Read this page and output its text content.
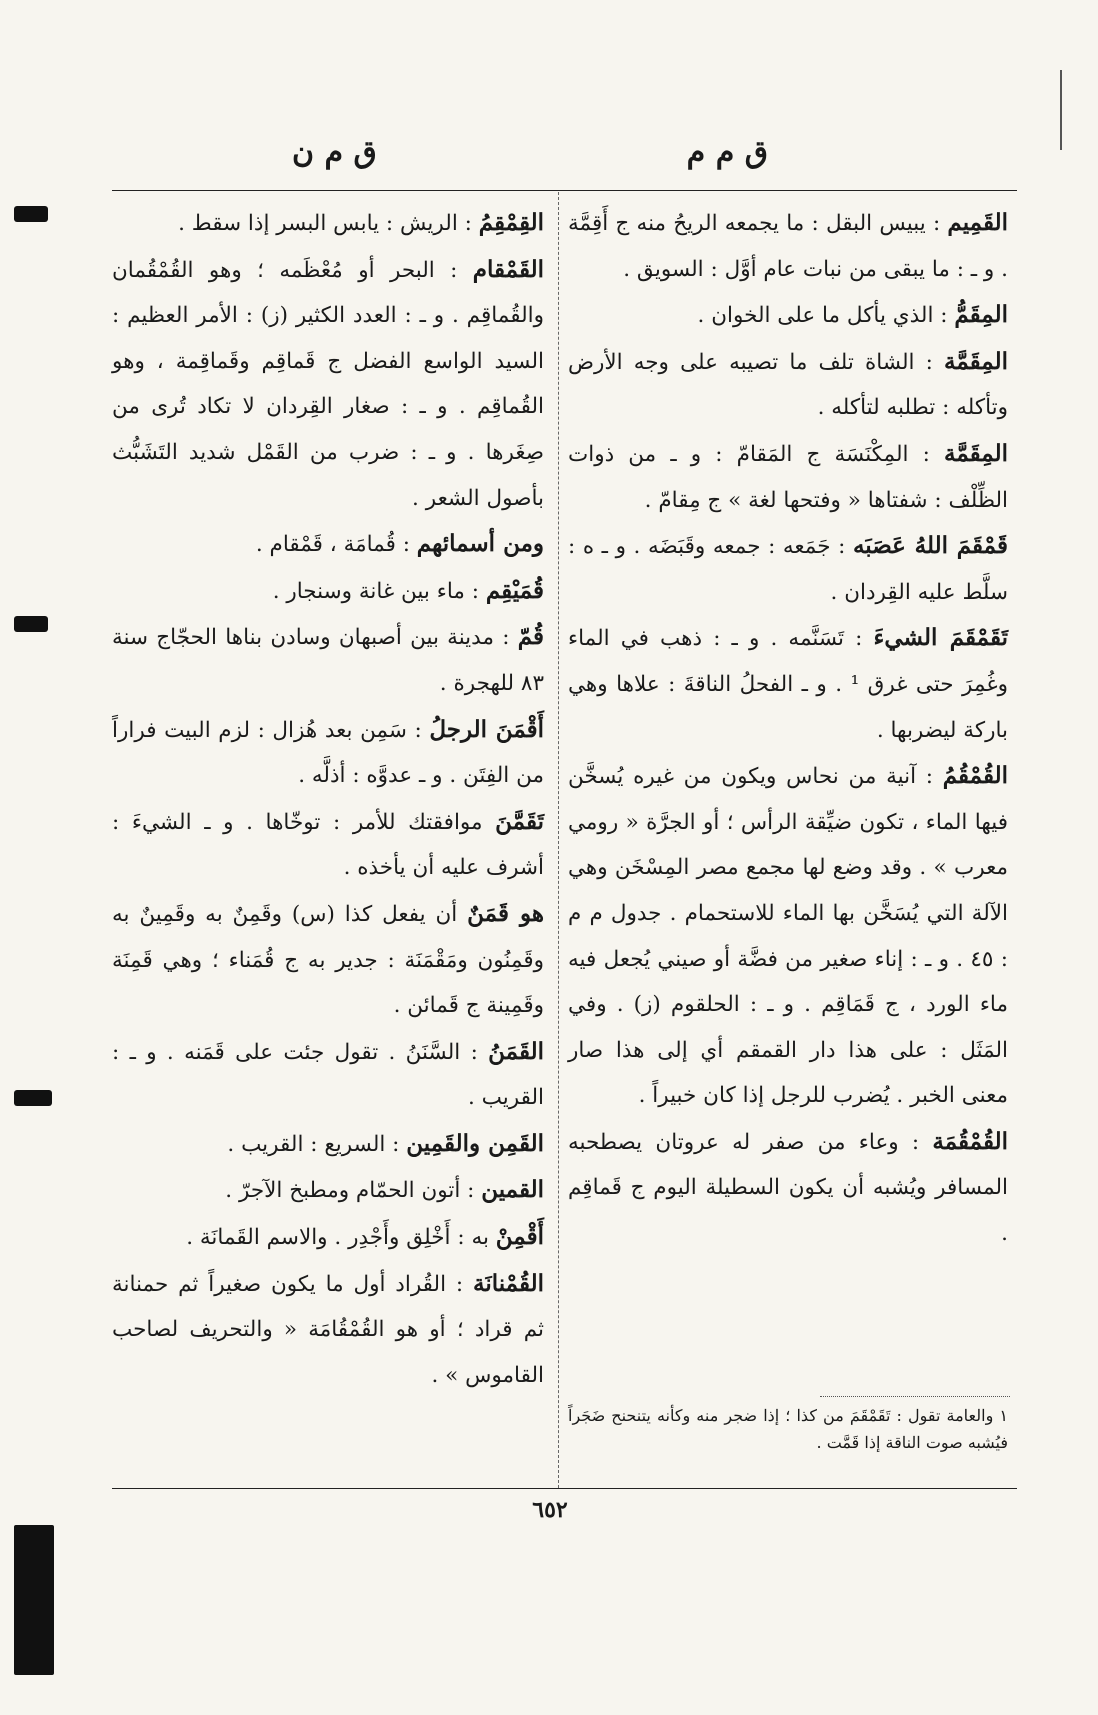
ق م م
ق م ن

القَمِيم : يبيس البقل : ما يجمعه الريحُ منه ج أَقِمَّة . و ـ : ما يبقى من نبات عام أوَّل : السويق .

المِقَمُّ : الذي يأكل ما على الخوان .

المِقَمَّة : الشاة تلف ما تصيبه على وجه الأرض وتأكله : تطلبه لتأكله .

المِقَمَّة : المِكْنَسَة ج المَقامّ : و ـ من ذوات الظِّلْف : شفتاها « وفتحها لغة » ج مِقامّ .

قَمْقَمَ اللهُ عَصَبَه : جَمَعه : جمعه وقَبَضَه . و ـ ه : سلَّط عليه القِردان .

تَقَمْقَمَ الشيءَ : تَسَنَّمه . و ـ : ذهب في الماء وغُمِرَ حتى غرق ¹ . و ـ الفحلُ الناقةَ : علاها وهي باركة ليضربها .

القُمْقُمُ : آنية من نحاس ويكون من غيره يُسخَّن فيها الماء ، تكون ضيِّقة الرأس ؛ أو الجرَّة « رومي معرب » . وقد وضع لها مجمع مصر المِسْخَن وهي الآلة التي يُسَخَّن بها الماء للاستحمام . جدول م م : ٤٥ . و ـ : إناء صغير من فضَّة أو صيني يُجعل فيه ماء الورد ، ج قَمَاقِم . و ـ : الحلقوم (ز) . وفي المَثَل : على هذا دار القمقم أي إلى هذا صار معنى الخبر . يُضرب للرجل إذا كان خبيراً .

القُمْقُمَة : وعاء من صفر له عروتان يصطحبه المسافر ويُشبه أن يكون السطيلة اليوم ج قَماقِم .

القِمْقِمُ : الريش : يابس البسر إذا سقط .

القَمْقام : البحر أو مُعْظَمه ؛ وهو القُمْقُمان والقُماقِم . و ـ : العدد الكثير (ز) : الأمر العظيم : السيد الواسع الفضل ج قَماقِم وقَماقِمة ، وهو القُماقِم . و ـ : صغار القِردان لا تكاد تُرى من صِغَرها . و ـ : ضرب من القَمْل شديد التَشَبُّث بأصول الشعر .

ومن أسمائهم : قُمامَة ، قَمْقام .

قُمَيْقِم : ماء بين غانة وسنجار .

قُمّ : مدينة بين أصبهان وسادن بناها الحجّاج سنة ٨٣ للهجرة .

أَقْمَنَ الرجلُ : سَمِن بعد هُزال : لزم البيت فراراً من الفِتَن . و ـ عدوَّه : أذلَّه .

تَقَمَّنَ موافقتك للأمر : توخّاها . و ـ الشيءَ : أشرف عليه أن يأخذه .

هو قَمَنٌ أن يفعل كذا (س) وقَمِنٌ به وقَمِينٌ به وقَمِنُون ومَقْمَنَة : جدير به ج قُمَناء ؛ وهي قَمِنَة وقَمِينة ج قَمائن .

القَمَنُ : السَّنَنُ . تقول جئت على قَمَنه . و ـ : القريب .

القَمِن والقَمِين : السريع : القريب .

القمين : أتون الحمّام ومطبخ الآجرّ .

أَقْمِنْ به : أَخْلِق وأَجْدِر . والاسم القَمانَة .

القُمْنانَة : القُراد أول ما يكون صغيراً ثم حمنانة ثم قراد ؛ أو هو القُمْقُامَة « والتحريف لصاحب القاموس » .

١ والعامة تقول : تَقَمْقَمَ من كذا ؛ إذا ضجر منه وكأنه يتنحنح ضَجَراً فيُشبه صوت الناقة إذا قَمَّت .
٦٥٢
